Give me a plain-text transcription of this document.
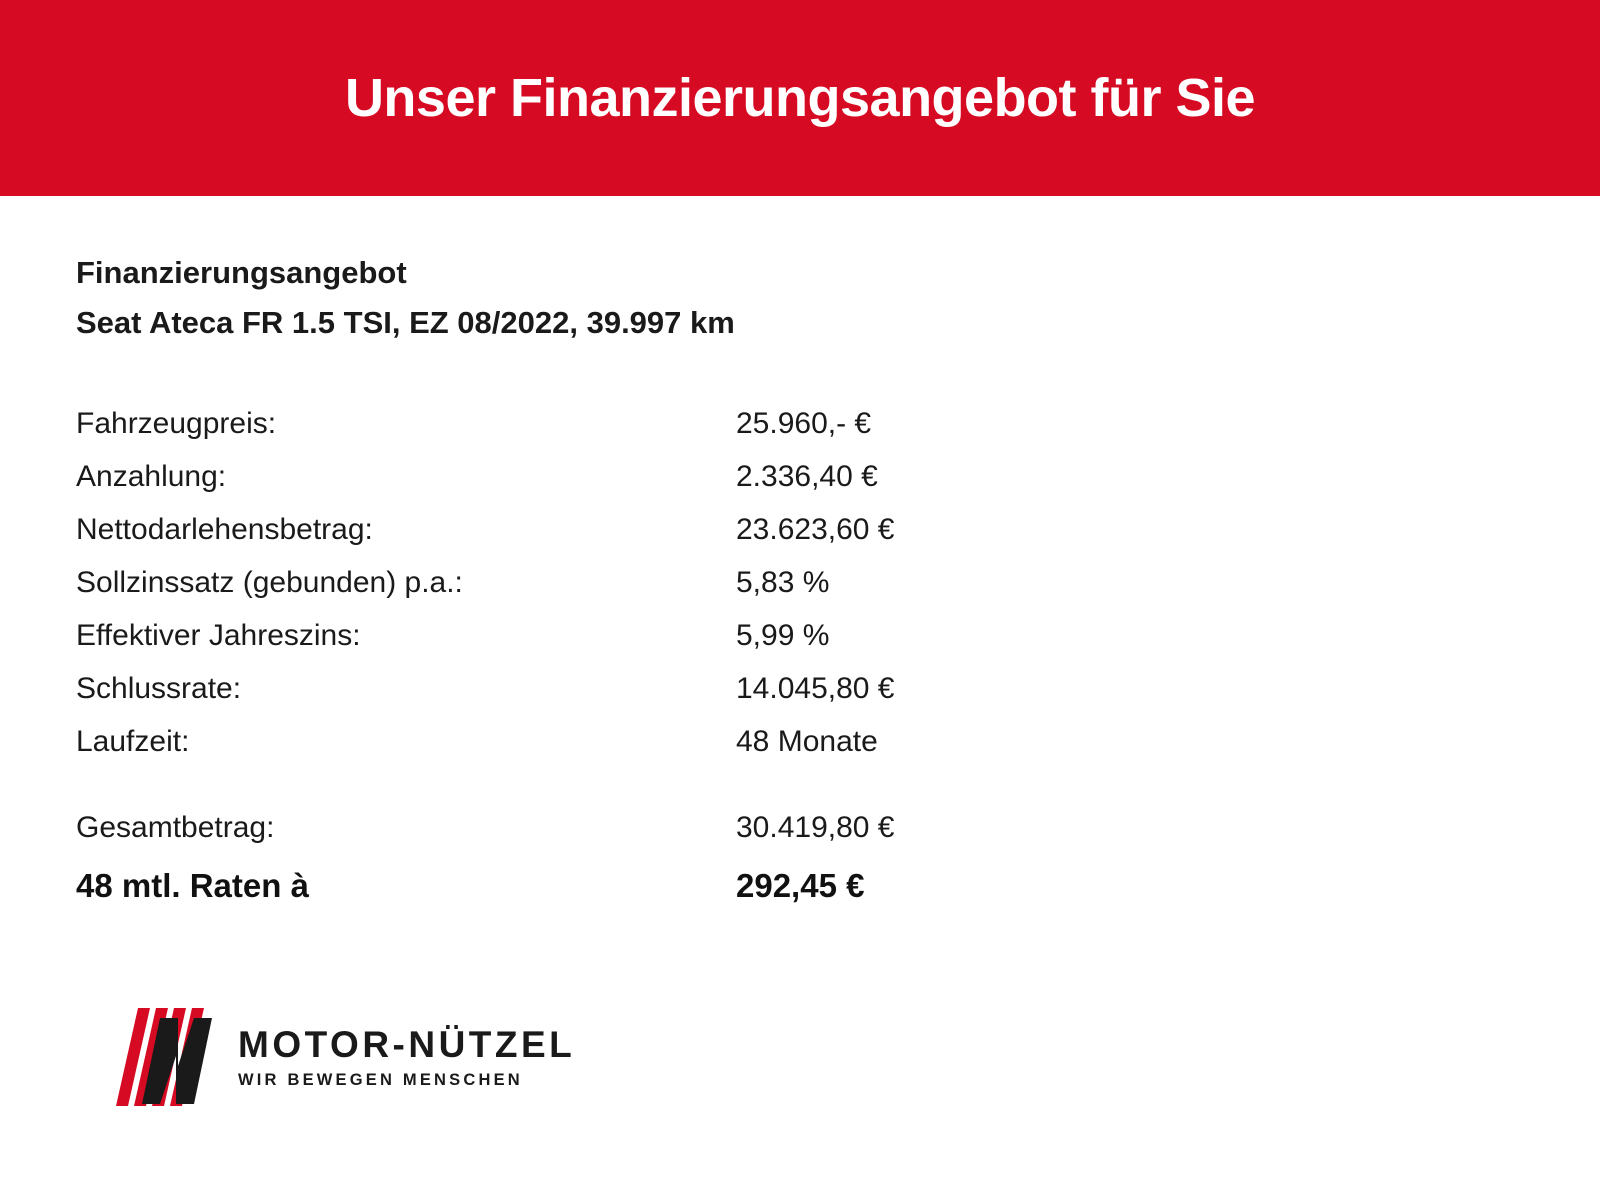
Unser Finanzierungsangebot für Sie
Finanzierungsangebot
Seat Ateca FR 1.5 TSI, EZ 08/2022, 39.997 km
Fahrzeugpreis:	25.960,- €
Anzahlung:	2.336,40 €
Nettodarlehensbetrag:	23.623,60 €
Sollzinssatz (gebunden) p.a.:	5,83 %
Effektiver Jahreszins:	5,99 %
Schlussrate:	14.045,80 €
Laufzeit:	48 Monate
Gesamtbetrag:	30.419,80 €
48 mtl. Raten à	292,45 €
MOTOR-NÜTZEL
WIR BEWEGEN MENSCHEN
